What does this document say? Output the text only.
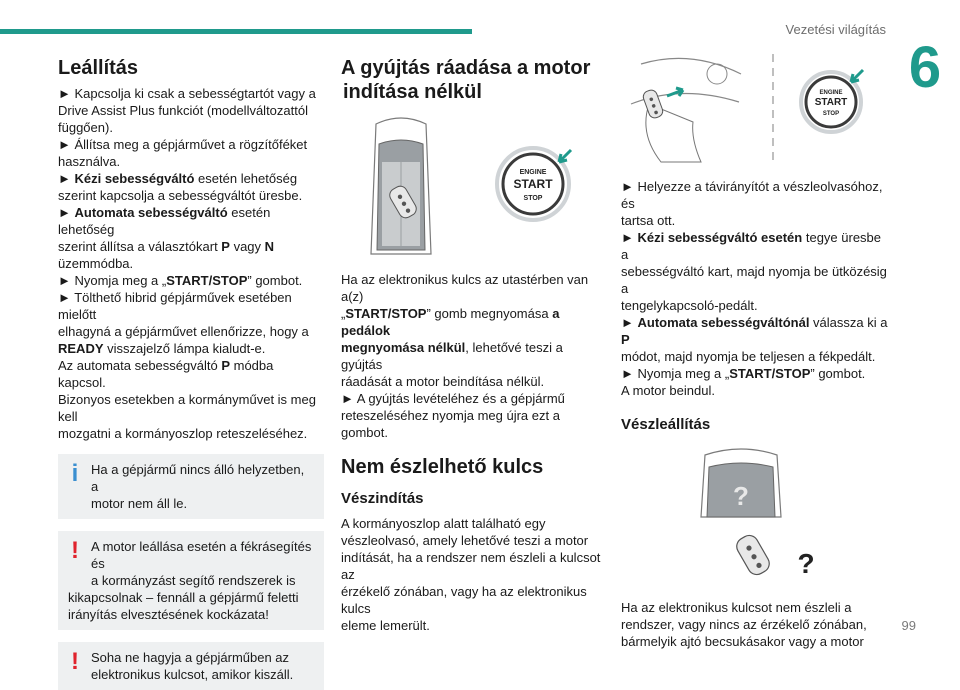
Vezetési világítás
6
Leállítás

► Kapcsolja ki csak a sebességtartót vagy a

Drive Assist Plus funkciót (modellváltozattól

függően).

► Állítsa meg a gépjárművet a rögzítőféket

használva.

► Kézi sebességváltó esetén lehetőség

szerint kapcsolja a sebességváltót üresbe.

► Automata sebességváltó esetén lehetőség

szerint állítsa a választókart P vagy N

üzemmódba.

► Nyomja meg a „START/STOP” gombot.

► Tölthető hibrid gépjárművek esetében mielőtt

elhagyná a gépjárművet ellenőrizze, hogy a

READY visszajelző lámpa kialudt-e.

Az automata sebességváltó P módba kapcsol.

Bizonyos esetekben a kormányművet is meg kell

mozgatni a kormányoszlop reteszeléséhez.

i Ha a gépjármű nincs álló helyzetben, a

motor nem áll le.

! A motor leállása esetén a fékrásegítés és

a kormányzást segítő rendszerek is

kikapcsolnak – fennáll a gépjármű feletti

irányítás elvesztésének kockázata!

! Soha ne hagyja a gépjárműben az

elektronikus kulcsot, amikor kiszáll.

A gyújtás ráadása a motor
indítása nélkül
ENGINE
START
STOP

Ha az elektronikus kulcs az utastérben van a(z)

„START/STOP” gomb megnyomása a pedálok

megnyomása nélkül, lehetővé teszi a gyújtás

ráadását a motor beindítása nélkül.

► A gyújtás levételéhez és a gépjármű

reteszeléséhez nyomja meg újra ezt a gombot.

Nem észlelhető kulcs
Vészindítás

A kormányoszlop alatt található egy

vészleolvasó, amely lehetővé teszi a motor

indítását, ha a rendszer nem észleli a kulcsot az

érzékelő zónában, vagy ha az elektronikus kulcs

eleme lemerült.

ENGINE
START
STOP

► Helyezze a távirányítót a vészleolvasóhoz, és

tartsa ott.

► Kézi sebességváltó esetén tegye üresbe a

sebességváltó kart, majd nyomja be ütközésig a

tengelykapcsoló-pedált.

► Automata sebességváltónál válassza ki a P

módot, majd nyomja be teljesen a fékpedált.

► Nyomja meg a „START/STOP” gombot.

A motor beindul.

Vészleállítás
?
?

Ha az elektronikus kulcsot nem észleli a

rendszer, vagy nincs az érzékelő zónában,

bármelyik ajtó becsukásakor vagy a motor

99
